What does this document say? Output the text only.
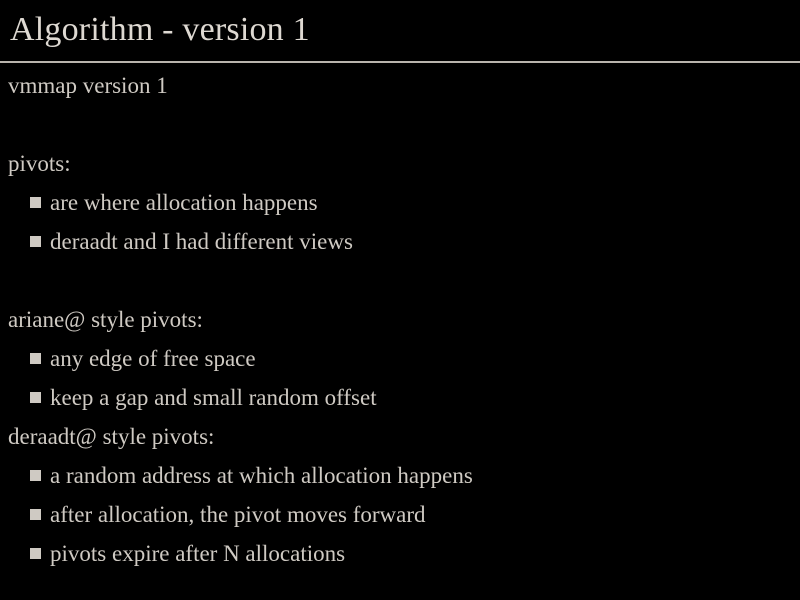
Algorithm - version 1
vmmap version 1
pivots:
are where allocation happens
deraadt and I had different views
ariane@ style pivots:
any edge of free space
keep a gap and small random offset
deraadt@ style pivots:
a random address at which allocation happens
after allocation, the pivot moves forward
pivots expire after N allocations
